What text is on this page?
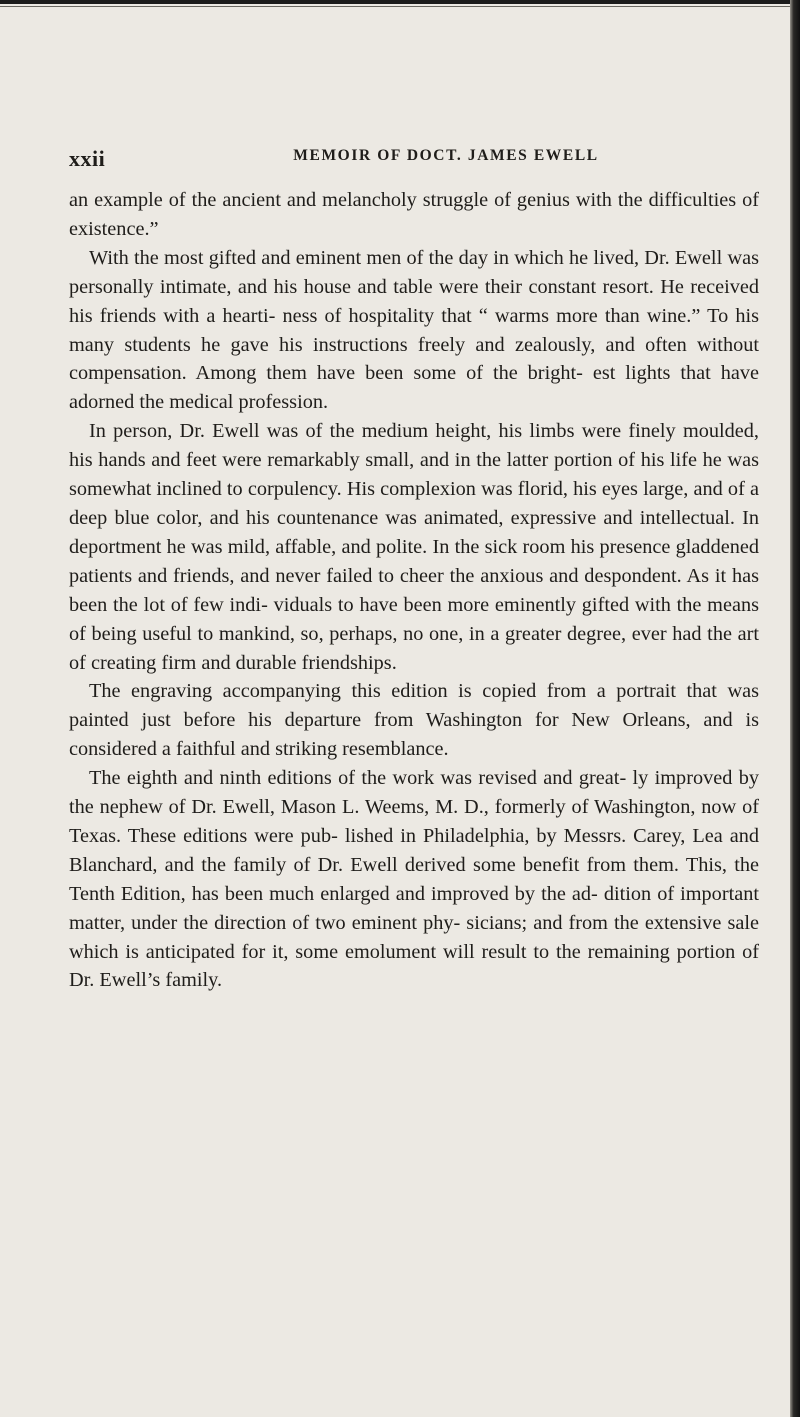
xxii	MEMOIR OF DOCT. JAMES EWELL

an example of the ancient and melancholy struggle of genius with the difficulties of existence.”

With the most gifted and eminent men of the day in which he lived, Dr. Ewell was personally intimate, and his house and table were their constant resort. He received his friends with a hearti- ness of hospitality that “ warms more than wine.” To his many students he gave his instructions freely and zealously, and often without compensation. Among them have been some of the bright- est lights that have adorned the medical profession.

In person, Dr. Ewell was of the medium height, his limbs were finely moulded, his hands and feet were remarkably small, and in the latter portion of his life he was somewhat inclined to corpulency. His complexion was florid, his eyes large, and of a deep blue color, and his countenance was animated, expressive and intellectual. In deportment he was mild, affable, and polite. In the sick room his presence gladdened patients and friends, and never failed to cheer the anxious and despondent. As it has been the lot of few indi- viduals to have been more eminently gifted with the means of being useful to mankind, so, perhaps, no one, in a greater degree, ever had the art of creating firm and durable friendships.

The engraving accompanying this edition is copied from a portrait that was painted just before his departure from Washington for New Orleans, and is considered a faithful and striking resemblance.

The eighth and ninth editions of the work was revised and great- ly improved by the nephew of Dr. Ewell, Mason L. Weems, M. D., formerly of Washington, now of Texas. These editions were pub- lished in Philadelphia, by Messrs. Carey, Lea and Blanchard, and the family of Dr. Ewell derived some benefit from them. This, the Tenth Edition, has been much enlarged and improved by the ad- dition of important matter, under the direction of two eminent phy- sicians; and from the extensive sale which is anticipated for it, some emolument will result to the remaining portion of Dr. Ewell’s family.
